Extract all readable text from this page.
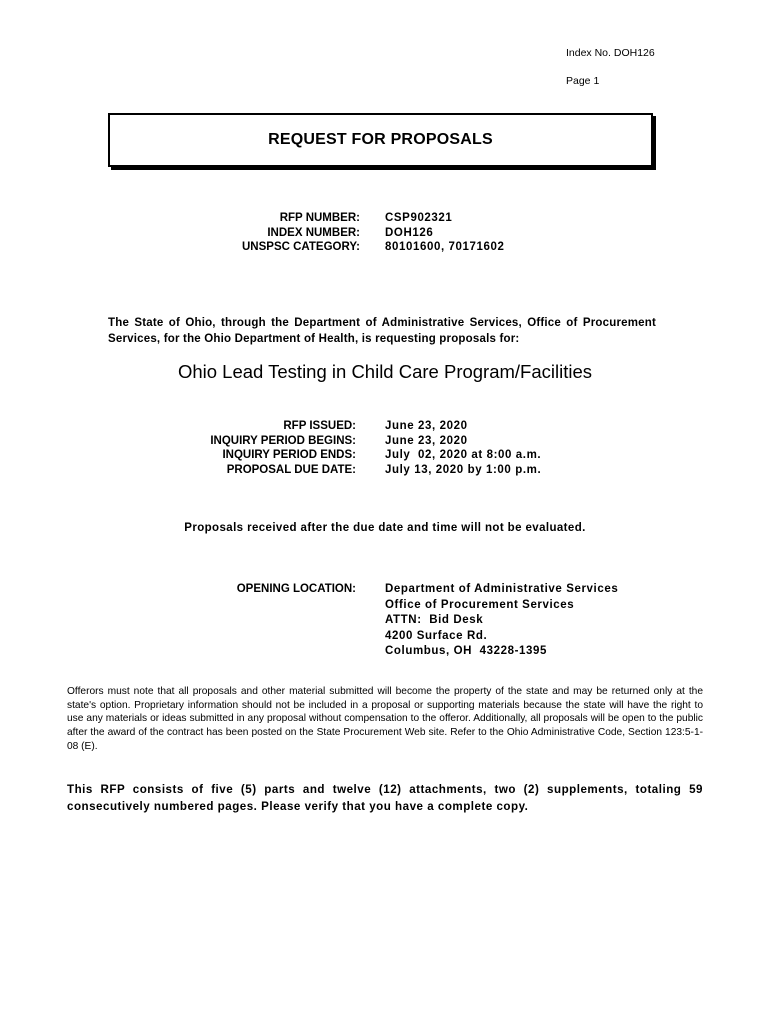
Index No. DOH126
Page 1
REQUEST FOR PROPOSALS
RFP NUMBER: CSP902321
INDEX NUMBER: DOH126
UNSPSC CATEGORY: 80101600, 70171602
The State of Ohio, through the Department of Administrative Services, Office of Procurement Services, for the Ohio Department of Health, is requesting proposals for:
Ohio Lead Testing in Child Care Program/Facilities
RFP ISSUED:	June 23, 2020
INQUIRY PERIOD BEGINS:	June 23, 2020
INQUIRY PERIOD ENDS:	July  02, 2020 at 8:00 a.m.
PROPOSAL DUE DATE:	July 13, 2020 by 1:00 p.m.
Proposals received after the due date and time will not be evaluated.
OPENING LOCATION:	Department of Administrative Services
Office of Procurement Services
ATTN:  Bid Desk
4200 Surface Rd.
Columbus, OH  43228-1395
Offerors must note that all proposals and other material submitted will become the property of the state and may be returned only at the state's option. Proprietary information should not be included in a proposal or supporting materials because the state will have the right to use any materials or ideas submitted in any proposal without compensation to the offeror. Additionally, all proposals will be open to the public after the award of the contract has been posted on the State Procurement Web site. Refer to the Ohio Administrative Code, Section 123:5-1-08 (E).
This RFP consists of five (5) parts and twelve (12) attachments, two (2) supplements, totaling 59 consecutively numbered pages. Please verify that you have a complete copy.
